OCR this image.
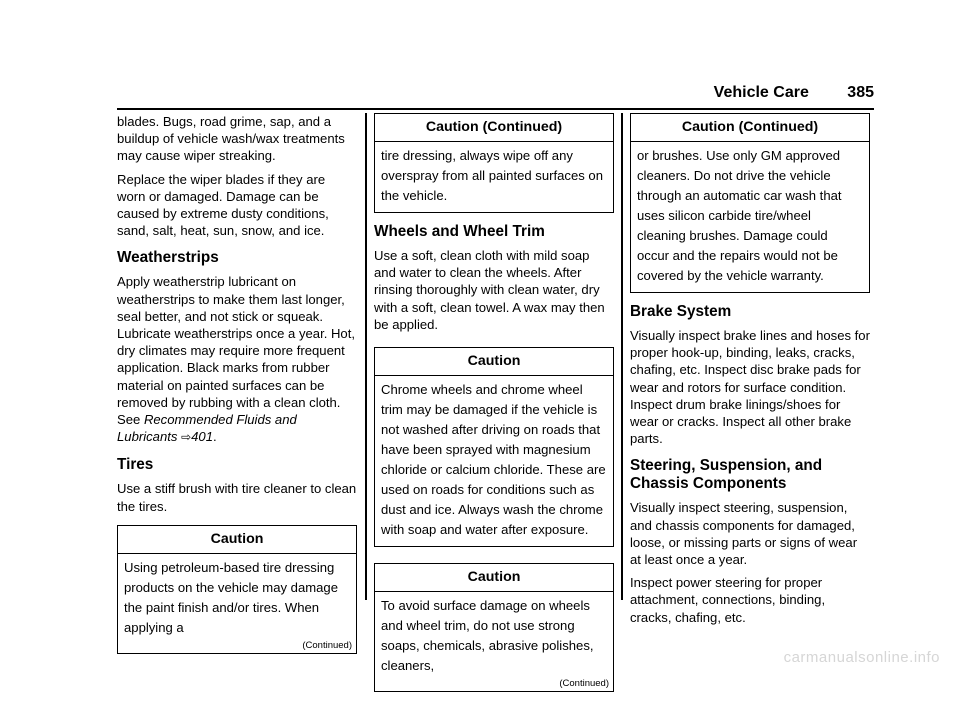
Vehicle Care 385

blades. Bugs, road grime, sap, and a buildup of vehicle wash/wax treatments may cause wiper streaking.

Replace the wiper blades if they are worn or damaged. Damage can be caused by extreme dusty conditions, sand, salt, heat, sun, snow, and ice.

Weatherstrips

Apply weatherstrip lubricant on weatherstrips to make them last longer, seal better, and not stick or squeak. Lubricate weatherstrips once a year. Hot, dry climates may require more frequent application. Black marks from rubber material on painted surfaces can be removed by rubbing with a clean cloth. See Recommended Fluids and Lubricants ⇨401.

Tires

Use a stiff brush with tire cleaner to clean the tires.

Caution
Using petroleum-based tire dressing products on the vehicle may damage the paint finish and/or tires. When applying a
(Continued)
Caution (Continued)
tire dressing, always wipe off any overspray from all painted surfaces on the vehicle.
Wheels and Wheel Trim

Use a soft, clean cloth with mild soap and water to clean the wheels. After rinsing thoroughly with clean water, dry with a soft, clean towel. A wax may then be applied.

Caution
Chrome wheels and chrome wheel trim may be damaged if the vehicle is not washed after driving on roads that have been sprayed with magnesium chloride or calcium chloride. These are used on roads for conditions such as dust and ice. Always wash the chrome with soap and water after exposure.
Caution
To avoid surface damage on wheels and wheel trim, do not use strong soaps, chemicals, abrasive polishes, cleaners,
(Continued)
Caution (Continued)
or brushes. Use only GM approved cleaners. Do not drive the vehicle through an automatic car wash that uses silicon carbide tire/wheel cleaning brushes. Damage could occur and the repairs would not be covered by the vehicle warranty.
Brake System

Visually inspect brake lines and hoses for proper hook-up, binding, leaks, cracks, chafing, etc. Inspect disc brake pads for wear and rotors for surface condition. Inspect drum brake linings/shoes for wear or cracks. Inspect all other brake parts.

Steering, Suspension, and Chassis Components

Visually inspect steering, suspension, and chassis components for damaged, loose, or missing parts or signs of wear at least once a year.

Inspect power steering for proper attachment, connections, binding, cracks, chafing, etc.

carmanualsonline.info
